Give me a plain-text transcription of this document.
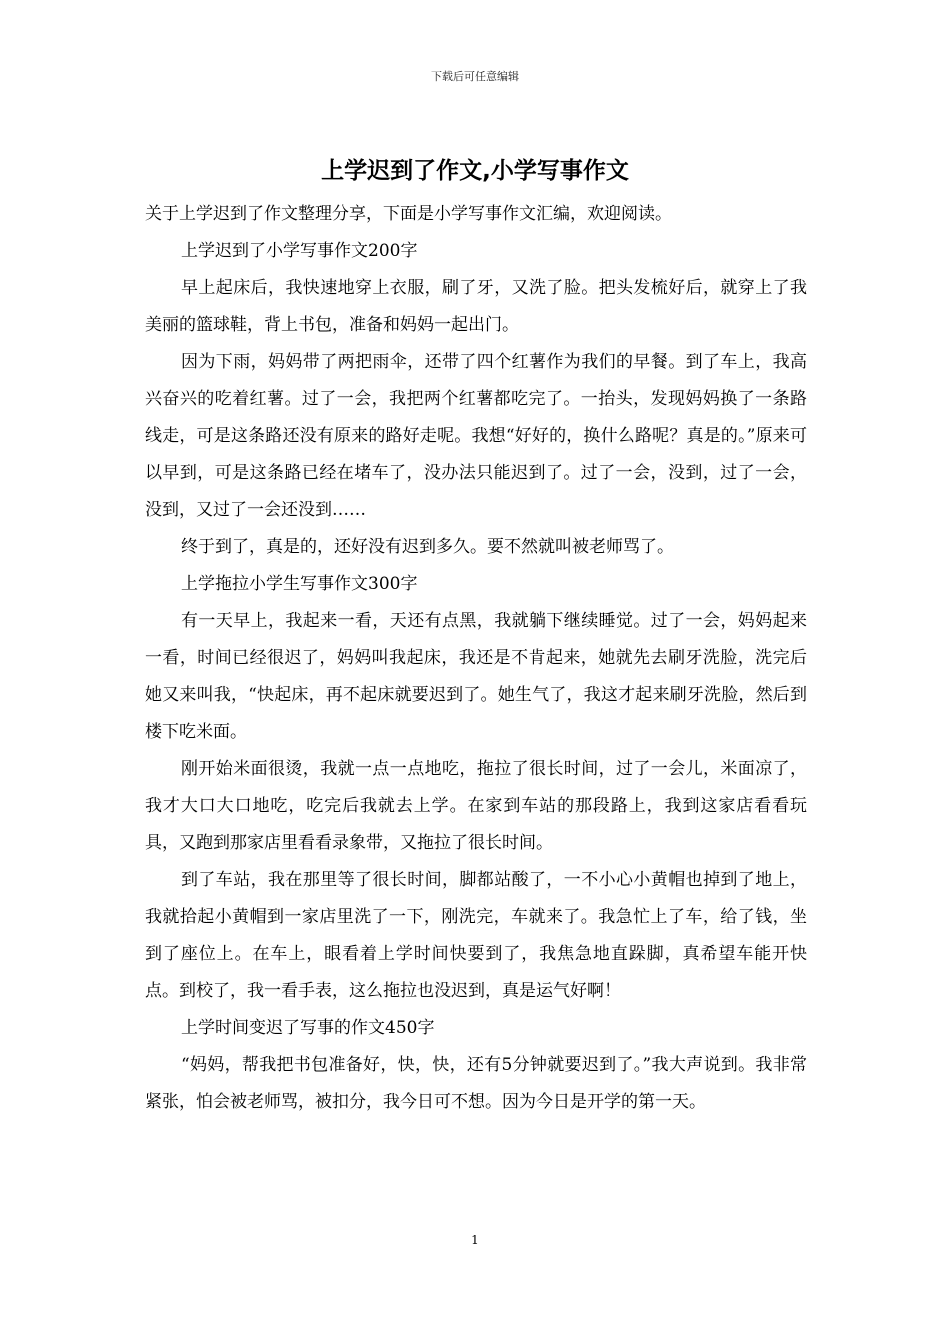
下载后可任意编辑
上学迟到了作文,小学写事作文

关于上学迟到了作文整理分享，下面是小学写事作文汇编，欢迎阅读。

上学迟到了小学写事作文200字

早上起床后，我快速地穿上衣服，刷了牙，又洗了脸。把头发梳好后，就穿上了我美丽的篮球鞋，背上书包，准备和妈妈一起出门。

因为下雨，妈妈带了两把雨伞，还带了四个红薯作为我们的早餐。到了车上，我高兴奋兴的吃着红薯。过了一会，我把两个红薯都吃完了。一抬头，发现妈妈换了一条路线走，可是这条路还没有原来的路好走呢。我想“好好的，换什么路呢？真是的。”原来可以早到，可是这条路已经在堵车了，没办法只能迟到了。过了一会，没到，过了一会，没到，又过了一会还没到……

终于到了，真是的，还好没有迟到多久。要不然就叫被老师骂了。

上学拖拉小学生写事作文300字

有一天早上，我起来一看，天还有点黑，我就躺下继续睡觉。过了一会，妈妈起来一看，时间已经很迟了，妈妈叫我起床，我还是不肯起来，她就先去刷牙洗脸，洗完后她又来叫我，“快起床，再不起床就要迟到了。她生气了，我这才起来刷牙洗脸，然后到楼下吃米面。

刚开始米面很烫，我就一点一点地吃，拖拉了很长时间，过了一会儿，米面凉了，我才大口大口地吃，吃完后我就去上学。在家到车站的那段路上，我到这家店看看玩具，又跑到那家店里看看录象带，又拖拉了很长时间。

到了车站，我在那里等了很长时间，脚都站酸了，一不小心小黄帽也掉到了地上，我就拾起小黄帽到一家店里洗了一下，刚洗完，车就来了。我急忙上了车，给了钱，坐到了座位上。在车上，眼看着上学时间快要到了，我焦急地直跺脚，真希望车能开快点。到校了，我一看手表，这么拖拉也没迟到，真是运气好啊！

上学时间变迟了写事的作文450字

“妈妈，帮我把书包准备好，快，快，还有5分钟就要迟到了。”我大声说到。我非常紧张，怕会被老师骂，被扣分，我今日可不想。因为今日是开学的第一天。

1
